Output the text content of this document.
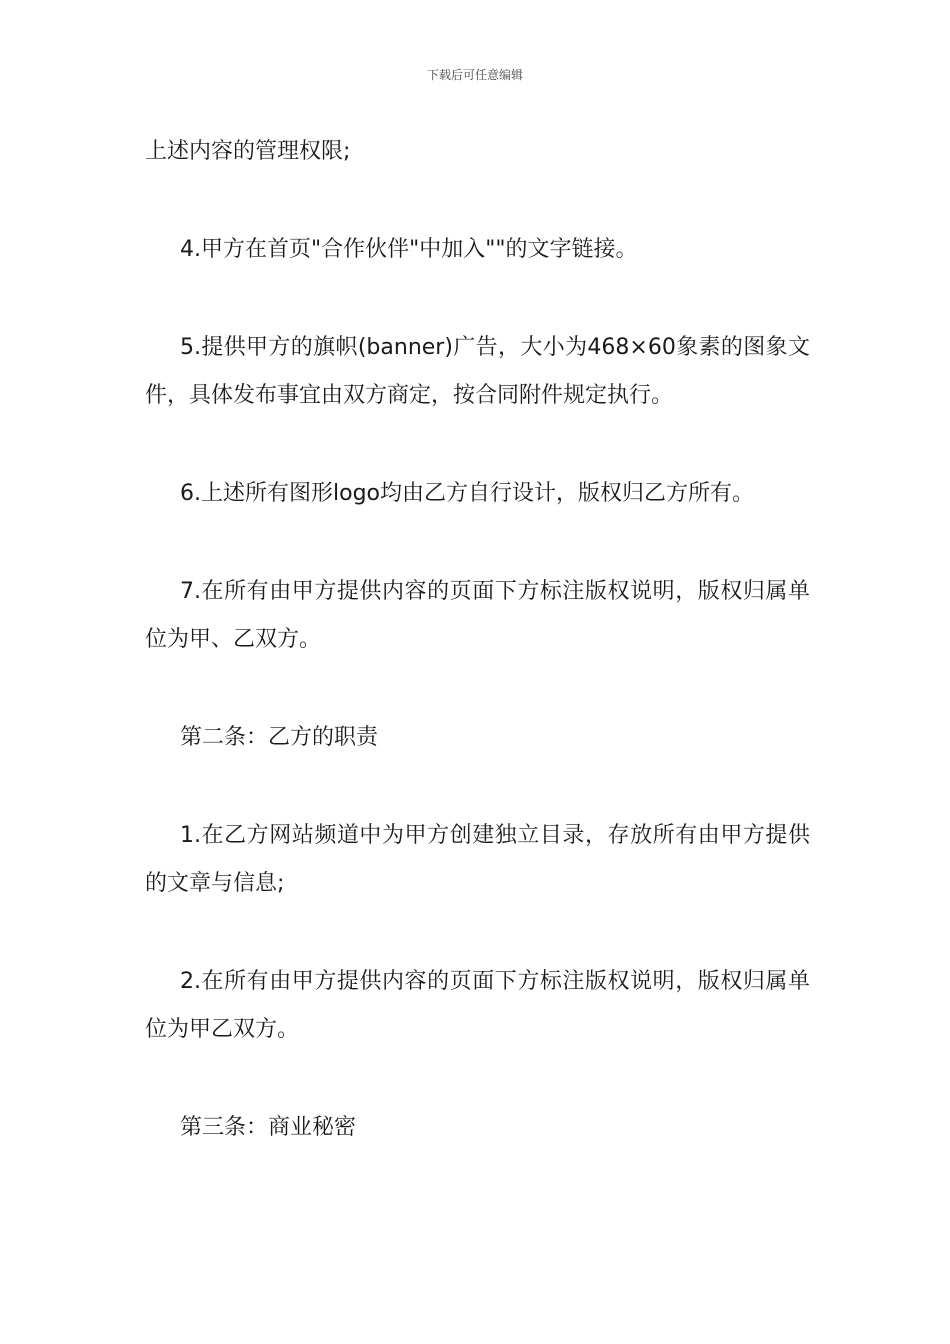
下载后可任意编辑

上述内容的管理权限;

4.甲方在首页"合作伙伴"中加入""的文字链接。

5.提供甲方的旗帜(banner)广告，大小为468×60象素的图象文件，具体发布事宜由双方商定，按合同附件规定执行。

6.上述所有图形logo均由乙方自行设计，版权归乙方所有。

7.在所有由甲方提供内容的页面下方标注版权说明，版权归属单位为甲、乙双方。

第二条：乙方的职责

1.在乙方网站频道中为甲方创建独立目录，存放所有由甲方提供的文章与信息;

2.在所有由甲方提供内容的页面下方标注版权说明，版权归属单位为甲乙双方。

第三条：商业秘密
